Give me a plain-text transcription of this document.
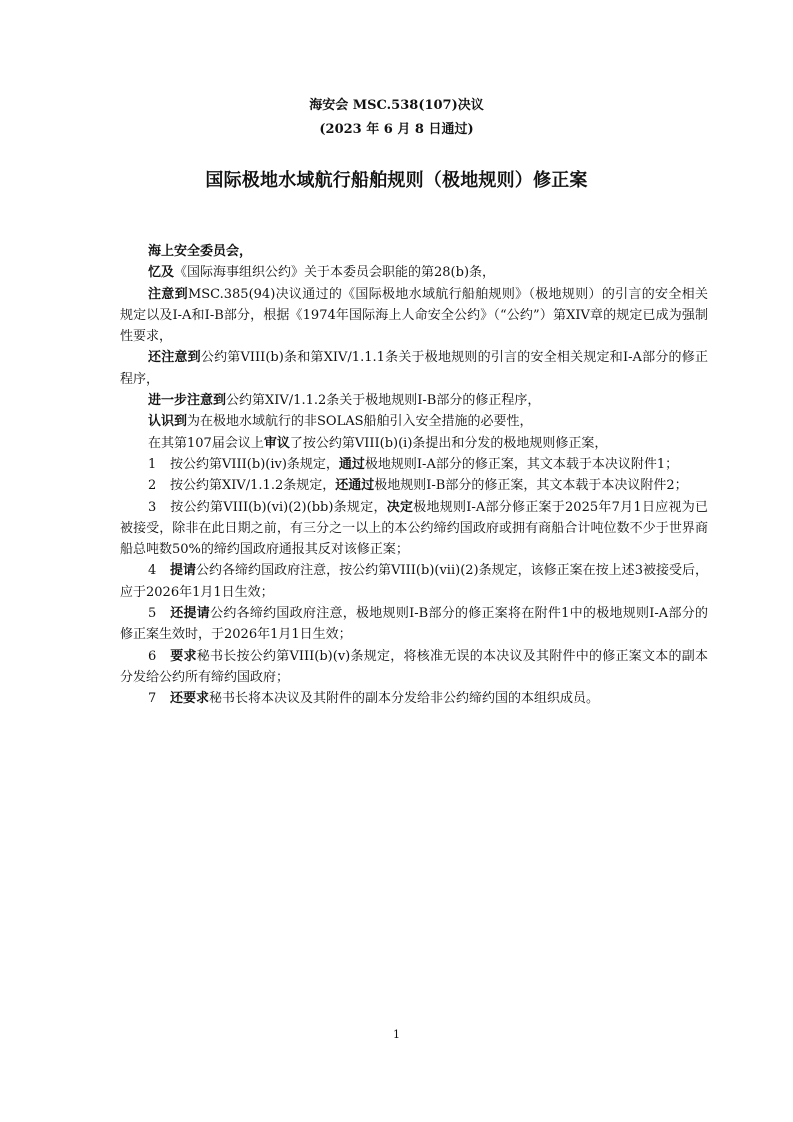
海安会 MSC.538(107)决议
(2023 年 6 月 8 日通过)
国际极地水域航行船舶规则（极地规则）修正案

海上安全委员会，

忆及《国际海事组织公约》关于本委员会职能的第28(b)条，

注意到MSC.385(94)决议通过的《国际极地水域航行船舶规则》（极地规则）的引言的安全相关规定以及I-A和I-B部分，根据《1974年国际海上人命安全公约》（“公约”）第XIV章的规定已成为强制性要求，

还注意到公约第VIII(b)条和第XIV/1.1.1条关于极地规则的引言的安全相关规定和I-A部分的修正程序，

进一步注意到公约第XIV/1.1.2条关于极地规则I-B部分的修正程序，

认识到为在极地水域航行的非SOLAS船舶引入安全措施的必要性，

在其第107届会议上审议了按公约第VIII(b)(i)条提出和分发的极地规则修正案，

1 按公约第VIII(b)(iv)条规定，通过极地规则I-A部分的修正案，其文本载于本决议附件1；

2 按公约第XIV/1.1.2条规定，还通过极地规则I-B部分的修正案，其文本载于本决议附件2；

3 按公约第VIII(b)(vi)(2)(bb)条规定，决定极地规则I-A部分修正案于2025年7月1日应视为已被接受，除非在此日期之前，有三分之一以上的本公约缔约国政府或拥有商船合计吨位数不少于世界商船总吨数50%的缔约国政府通报其反对该修正案；

4 提请公约各缔约国政府注意，按公约第VIII(b)(vii)(2)条规定，该修正案在按上述3被接受后，应于2026年1月1日生效；

5 还提请公约各缔约国政府注意，极地规则I-B部分的修正案将在附件1中的极地规则I-A部分的修正案生效时，于2026年1月1日生效；

6 要求秘书长按公约第VIII(b)(v)条规定，将核准无误的本决议及其附件中的修正案文本的副本分发给公约所有缔约国政府；

7 还要求秘书长将本决议及其附件的副本分发给非公约缔约国的本组织成员。

1
